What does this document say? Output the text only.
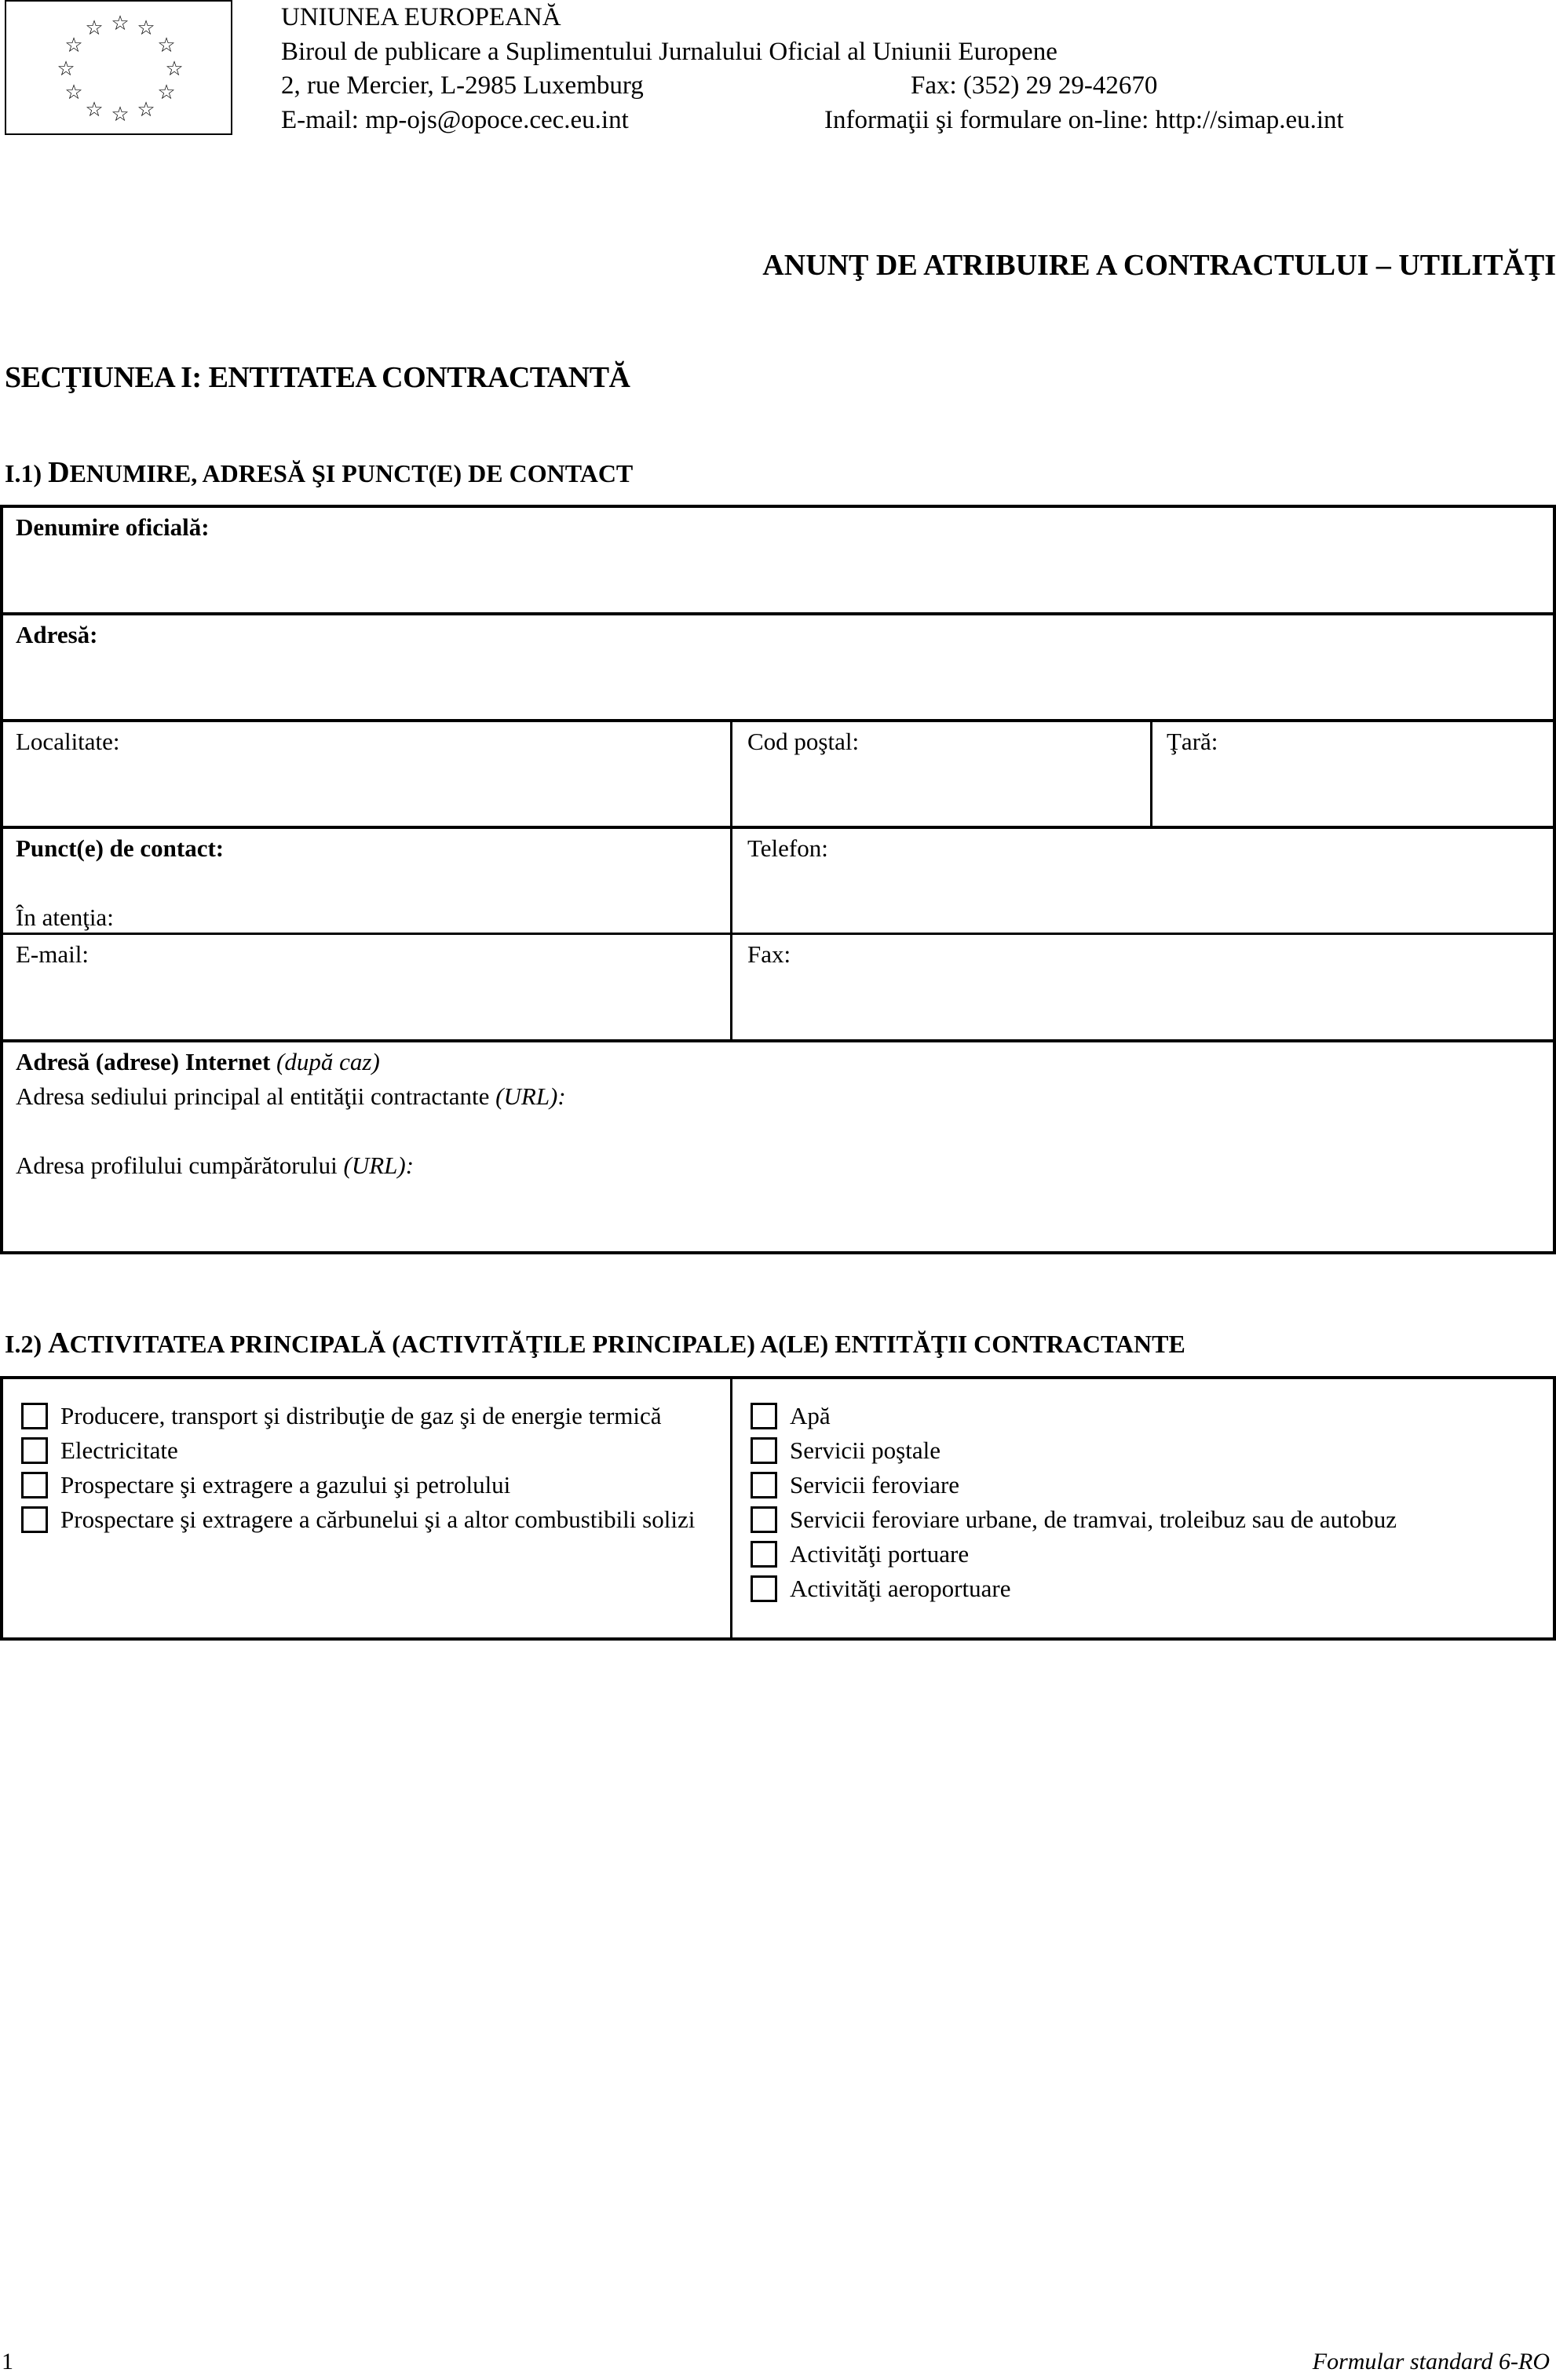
☆ ☆
☆
☆
☆
☆
☆
☆
☆
☆
☆
☆	UNIUNEA EUROPEANĂ
Biroul de publicare a Suplimentului Jurnalului Oficial al Uniunii Europene
2, rue Mercier, L-2985 Luxemburg	Fax: (352) 29 29-42670
E-mail: mp-ojs@opoce.cec.eu.int	Informaţii şi formulare on-line: http://simap.eu.int
ANUNŢ DE ATRIBUIRE A CONTRACTULUI – UTILITĂŢI
SECŢIUNEA I: ENTITATEA CONTRACTANTĂ
I.1) DENUMIRE, ADRESĂ ŞI PUNCT(E) DE CONTACT
Denumire oficială:
Adresă:
Localitate:	Cod poştal:	Ţară:
Punct(e) de contact:	Telefon:
În atenţia:
E-mail:	Fax:
Adresă (adrese) Internet (după caz)
Adresa sediului principal al entităţii contractante (URL):
Adresa profilului cumpărătorului (URL):
I.2) ACTIVITATEA PRINCIPALĂ (ACTIVITĂŢILE PRINCIPALE) A(LE) ENTITĂŢII CONTRACTANTE
Producere, transport şi distribuţie de gaz şi de energie termică
Electricitate
Prospectare şi extragere a gazului şi petrolului
Prospectare şi extragere a cărbunelui şi a altor combustibili solizi
Apă
Servicii poştale
Servicii feroviare
Servicii feroviare urbane, de tramvai, troleibuz sau de autobuz
Activităţi portuare
Activităţi aeroportuare
1	Formular standard 6-RO
